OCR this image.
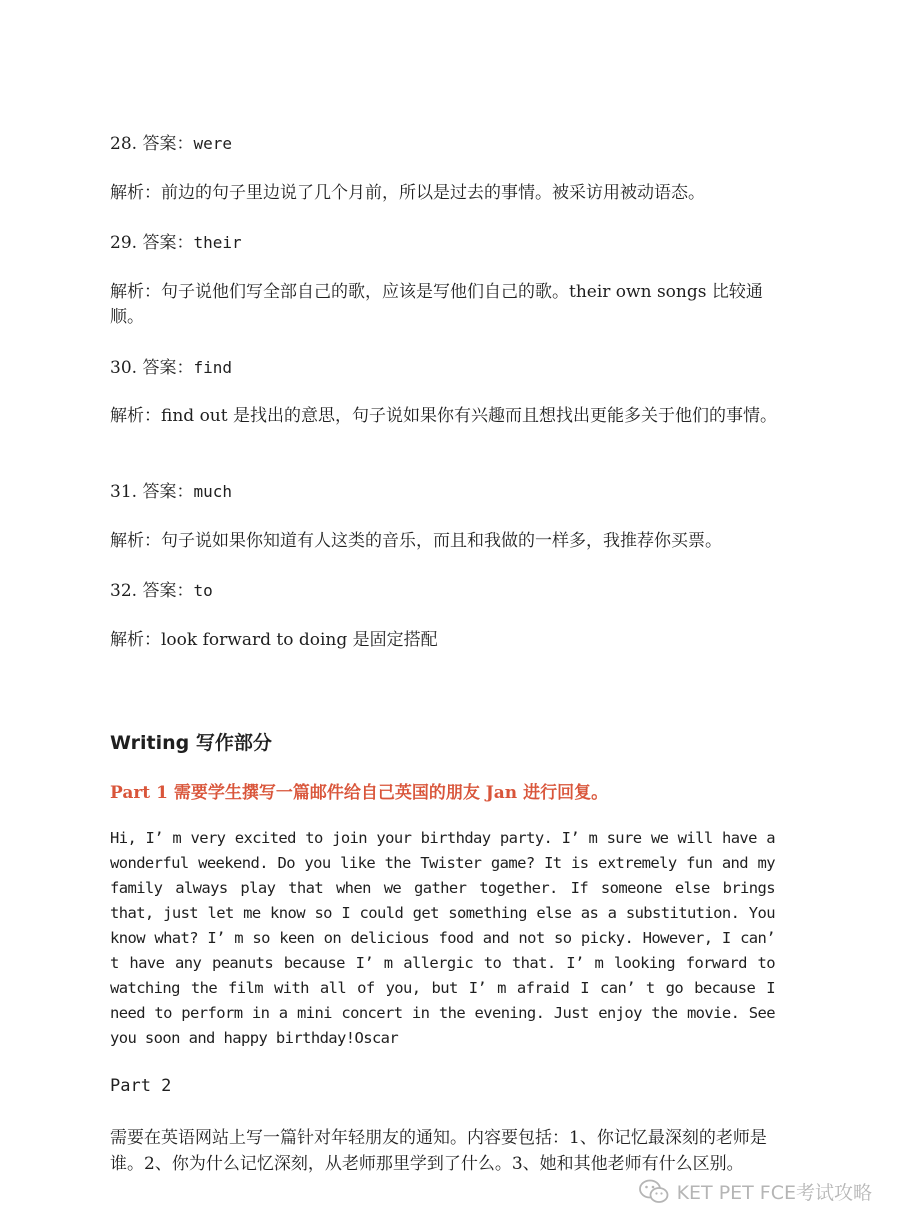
28. 答案：were
解析：前边的句子里边说了几个月前，所以是过去的事情。被采访用被动语态。
29. 答案：their
解析：句子说他们写全部自己的歌，应该是写他们自己的歌。their own songs 比较通顺。
30. 答案：find
解析：find out 是找出的意思，句子说如果你有兴趣而且想找出更能多关于他们的事情。
31. 答案：much
解析：句子说如果你知道有人这类的音乐，而且和我做的一样多，我推荐你买票。
32. 答案：to
解析：look forward to doing 是固定搭配
Writing 写作部分
Part 1 需要学生撰写一篇邮件给自己英国的朋友 Jan 进行回复。
Hi, I’ m very excited to join your birthday party. I’ m sure we will have a wonderful weekend. Do you like the Twister game? It is extremely fun and my family always play that when we gather together. If someone else brings that, just let me know so I could get something else as a substitution. You know what? I’ m so keen on delicious food and not so picky. However, I can’ t have any peanuts because I’ m allergic to that. I’ m looking forward to watching the film with all of you, but I’ m afraid I can’ t go because I need to perform in a mini concert in the evening. Just enjoy the movie. See you soon and happy birthday!Oscar
Part 2
需要在英语网站上写一篇针对年轻朋友的通知。内容要包括：1、你记忆最深刻的老师是谁。2、你为什么记忆深刻，从老师那里学到了什么。3、她和其他老师有什么区别。
KET PET FCE考试攻略
